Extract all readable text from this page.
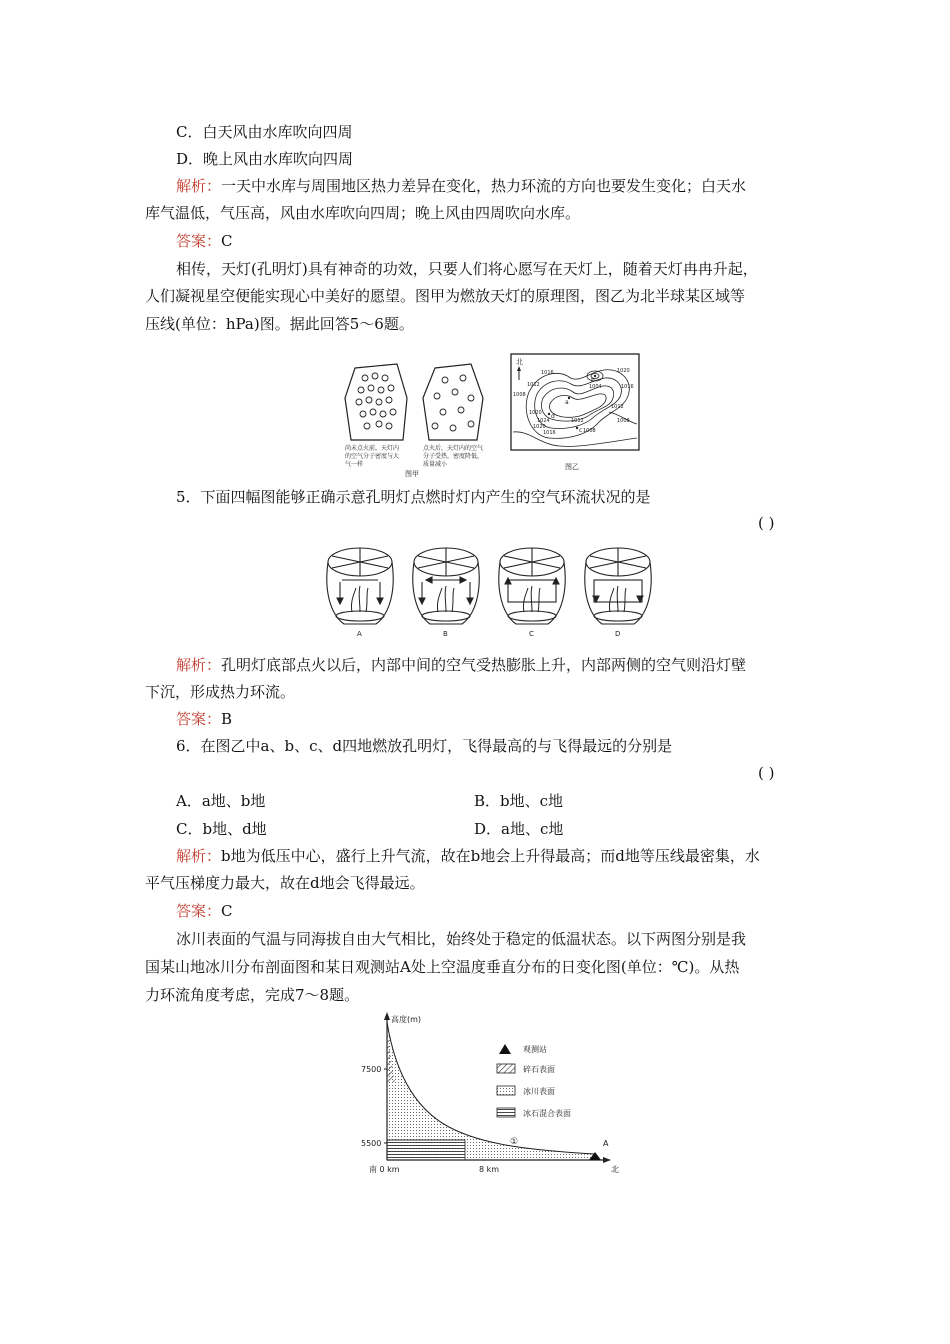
C．白天风由水库吹向四周
D．晚上风由水库吹向四周
解析：一天中水库与周围地区热力差异在变化，热力环流的方向也要发生变化；白天水
库气温低，气压高，风由水库吹向四周；晚上风由四周吹向水库。
答案：C
相传，天灯(孔明灯)具有神奇的功效，只要人们将心愿写在天灯上，随着天灯冉冉升起，
人们凝视星空便能实现心中美好的愿望。图甲为燃放天灯的原理图，图乙为北半球某区域等
压线(单位：hPa)图。据此回答5～6题。
尚未点火前，天灯内
的空气分子密度与大
气一样
点火后，天灯内的空气
分子受热，密度降低，
质量减小
图甲
北
1020
1016
1012
1008
1004
1008
1012
1016
1020
1024
1020
1016
1012
1008
b
a
d
c
图乙
5．下面四幅图能够正确示意孔明灯点燃时灯内产生的空气环流状况的是
( )
A	B	C	D
解析：孔明灯底部点火以后，内部中间的空气受热膨胀上升，内部两侧的空气则沿灯壁
下沉，形成热力环流。
答案：B
6．在图乙中a、b、c、d四地燃放孔明灯，飞得最高的与飞得最远的分别是
( )
A．a地、b地	B．b地、c地
C．b地、d地	D．a地、c地
解析：b地为低压中心，盛行上升气流，故在b地会上升得最高；而d地等压线最密集，水
平气压梯度力最大，故在d地会飞得最远。
答案：C
冰川表面的气温与同海拔自由大气相比，始终处于稳定的低温状态。以下两图分别是我
国某山地冰川分布剖面图和某日观测站A处上空温度垂直分布的日变化图(单位：℃)。从热
力环流角度考虑，完成7～8题。
高度(m)
7500
5500
南 0 km	8 km	北
A
①
观测站
碎石表面
冰川表面
冰石混合表面
